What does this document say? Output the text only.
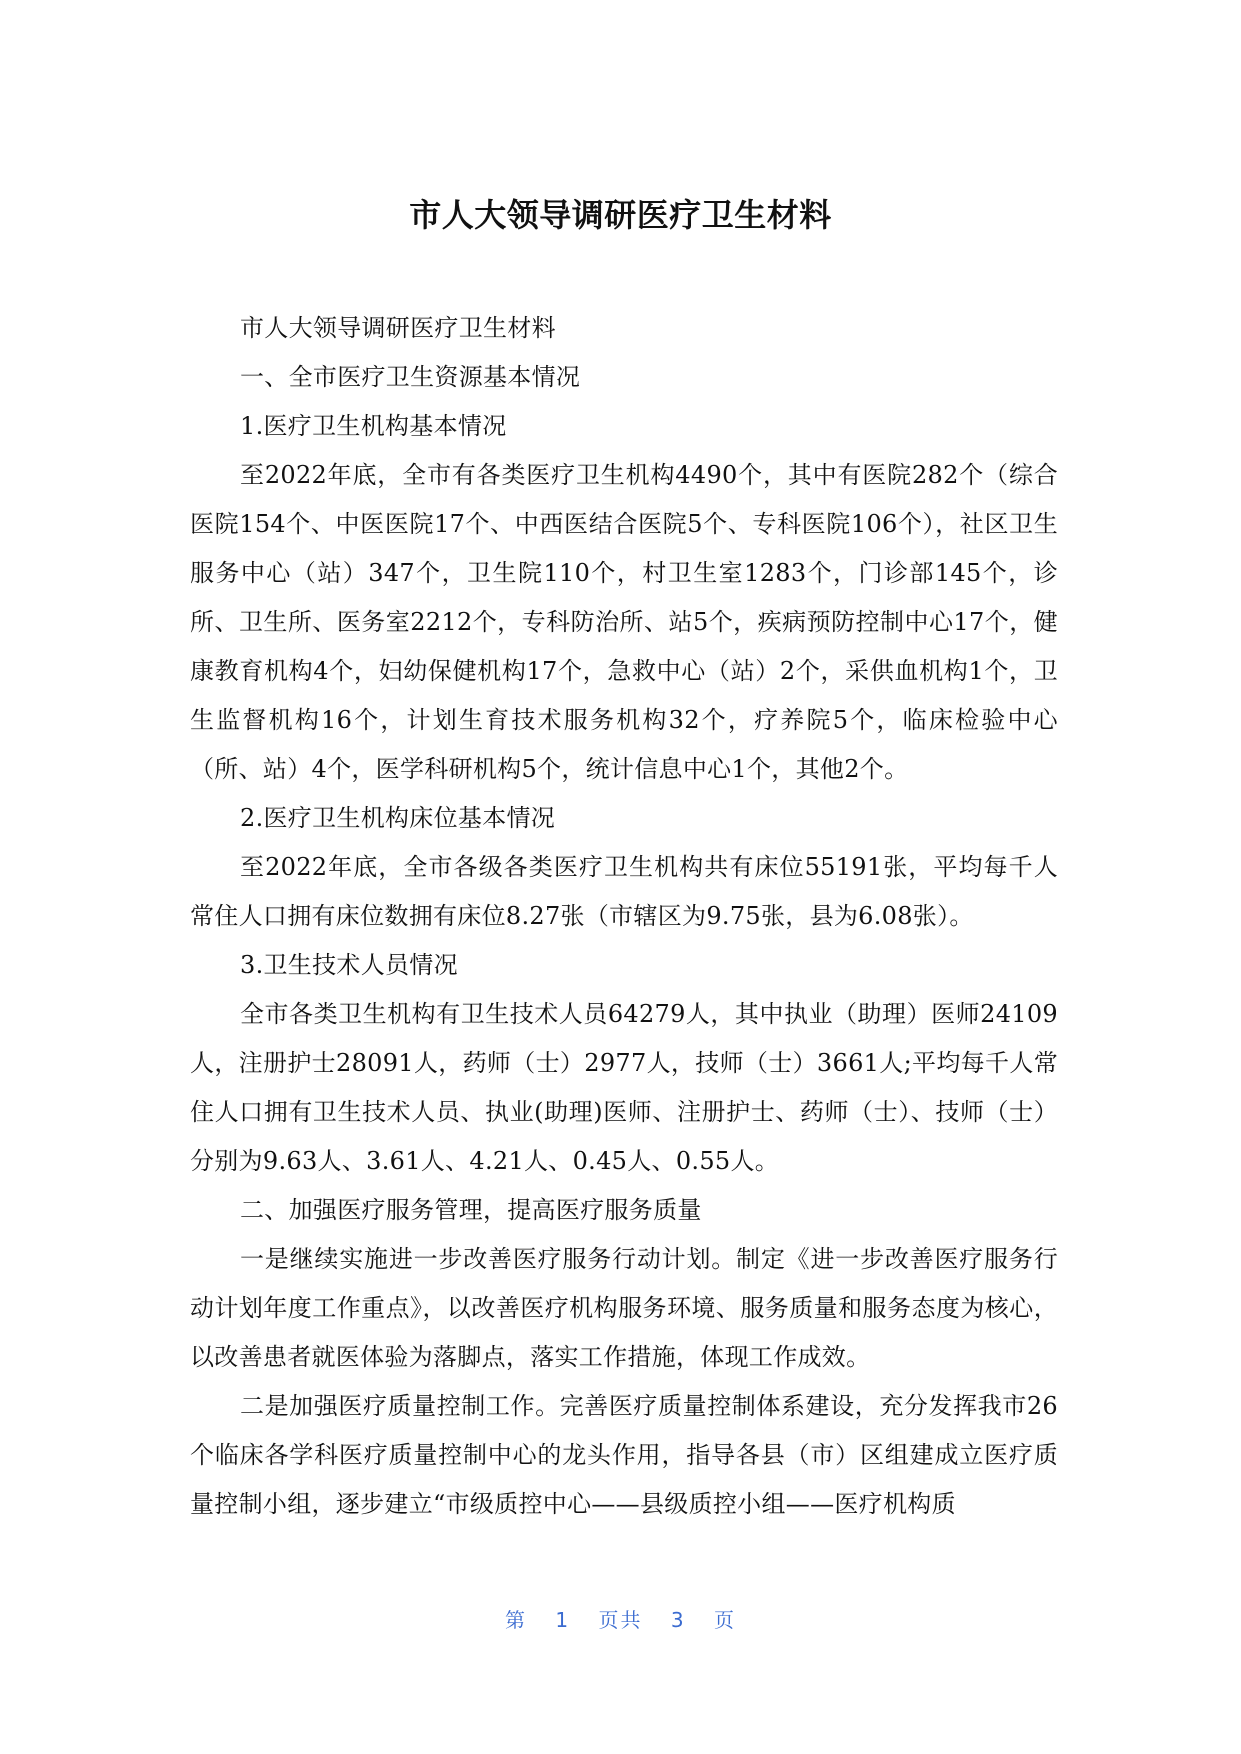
市人大领导调研医疗卫生材料

市人大领导调研医疗卫生材料

一、全市医疗卫生资源基本情况

1.医疗卫生机构基本情况

至2022年底，全市有各类医疗卫生机构4490个，其中有医院282个（综合医院154个、中医医院17个、中西医结合医院5个、专科医院106个），社区卫生服务中心（站）347个，卫生院110个，村卫生室1283个，门诊部145个，诊所、卫生所、医务室2212个，专科防治所、站5个，疾病预防控制中心17个，健康教育机构4个，妇幼保健机构17个，急救中心（站）2个，采供血机构1个，卫生监督机构16个，计划生育技术服务机构32个，疗养院5个，临床检验中心（所、站）4个，医学科研机构5个，统计信息中心1个，其他2个。

2.医疗卫生机构床位基本情况

至2022年底，全市各级各类医疗卫生机构共有床位55191张，平均每千人常住人口拥有床位数拥有床位8.27张（市辖区为9.75张，县为6.08张）。

3.卫生技术人员情况

全市各类卫生机构有卫生技术人员64279人，其中执业（助理）医师24109人，注册护士28091人，药师（士）2977人，技师（士）3661人;平均每千人常住人口拥有卫生技术人员、执业(助理)医师、注册护士、药师（士）、技师（士）分别为9.63人、3.61人、4.21人、0.45人、0.55人。

二、加强医疗服务管理，提高医疗服务质量

一是继续实施进一步改善医疗服务行动计划。制定《进一步改善医疗服务行动计划年度工作重点》，以改善医疗机构服务环境、服务质量和服务态度为核心，以改善患者就医体验为落脚点，落实工作措施，体现工作成效。

二是加强医疗质量控制工作。完善医疗质量控制体系建设，充分发挥我市26个临床各学科医疗质量控制中心的龙头作用，指导各县（市）区组建成立医疗质量控制小组，逐步建立“市级质控中心——县级质控小组——医疗机构质

第 1 页共 3 页
